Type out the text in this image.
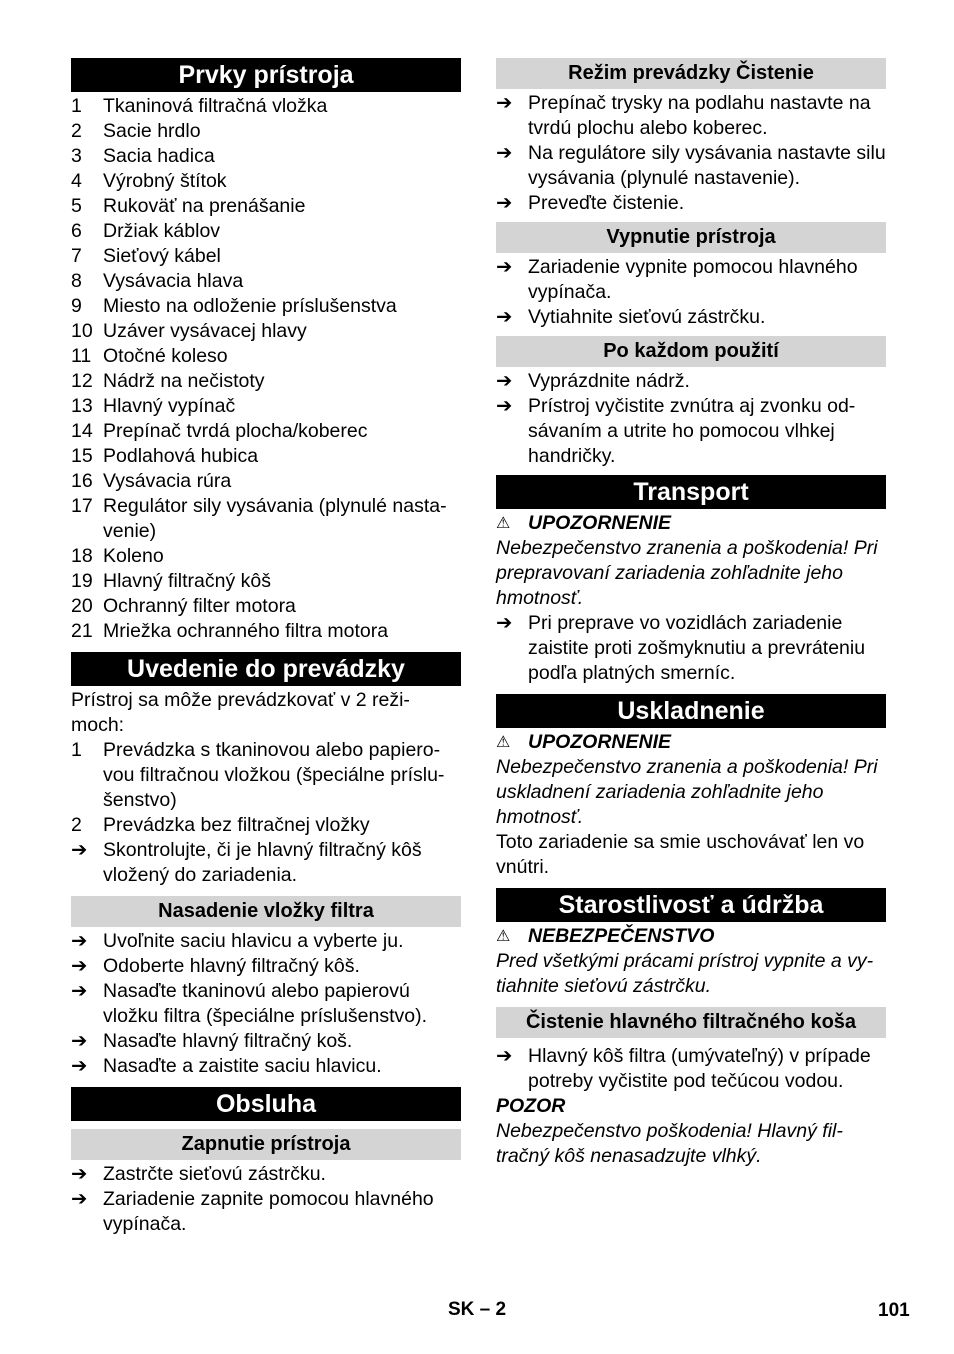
Prvky prístroja
1	Tkaninová filtračná vložka
2	Sacie hrdlo
3	Sacia hadica
4	Výrobný štítok
5	Rukoväť na prenášanie
6	Držiak káblov
7	Sieťový kábel
8	Vysávacia hlava
9	Miesto na odloženie príslušenstva
10 Uzáver vysávacej hlavy
11 Otočné koleso
12 Nádrž na nečistoty
13 Hlavný vypínač
14 Prepínač tvrdá plocha/koberec
15 Podlahová hubica
16 Vysávacia rúra
17 Regulátor sily vysávania (plynulé nasta-venie)
18 Koleno
19 Hlavný filtračný kôš
20 Ochranný filter motora
21 Mriežka ochranného filtra motora
Uvedenie do prevádzky

Prístroj sa môže prevádzkovať v 2 reži-moch:

1	Prevádzka s tkaninovou alebo papiero-vou filtračnou vložkou (špeciálne príslu-šenstvo)
2	Prevádzka bez filtračnej vložky
➔ Skontrolujte, či je hlavný filtračný kôš vložený do zariadenia.
Nasadenie vložky filtra
➔ Uvoľnite saciu hlavicu a vyberte ju.
➔ Odoberte hlavný filtračný kôš.
➔ Nasaďte tkaninovú alebo papierovú vložku filtra (špeciálne príslušenstvo).
➔ Nasaďte hlavný filtračný koš.
➔ Nasaďte a zaistite saciu hlavicu.
Obsluha
Zapnutie prístroja
➔ Zastrčte sieťovú zástrčku.
➔ Zariadenie zapnite pomocou hlavného vypínača.
Režim prevádzky Čistenie
➔ Prepínač trysky na podlahu nastavte na tvrdú plochu alebo koberec.
➔ Na regulátore sily vysávania nastavte silu vysávania (plynulé nastavenie).
➔ Preveďte čistenie.
Vypnutie prístroja
➔ Zariadenie vypnite pomocou hlavného vypínača.
➔ Vytiahnite sieťovú zástrčku.
Po každom použití
➔ Vyprázdnite nádrž.
➔ Prístroj vyčistite zvnútra aj zvonku od-sávaním a utrite ho pomocou vlhkej handričky.
Transport
⚠ UPOZORNENIE

Nebezpečenstvo zranenia a poškodenia! Pri prepravovaní zariadenia zohľadnite jeho hmotnosť.

➔ Pri preprave vo vozidlách zariadenie zaistite proti zošmyknutiu a prevráteniu podľa platných smerníc.
Uskladnenie
⚠ UPOZORNENIE

Nebezpečenstvo zranenia a poškodenia! Pri uskladnení zariadenia zohľadnite jeho hmotnosť.

Toto zariadenie sa smie uschovávať len vo vnútri.

Starostlivosť a údržba
⚠ NEBEZPEČENSTVO

Pred všetkými prácami prístroj vypnite a vy-tiahnite sieťovú zástrčku.

Čistenie hlavného filtračného koša
➔ Hlavný kôš filtra (umývateľný) v prípade potreby vyčistite pod tečúcou vodou.
POZOR

Nebezpečenstvo poškodenia! Hlavný fil-tračný kôš nenasadzujte vlhký.

SK – 2	101
